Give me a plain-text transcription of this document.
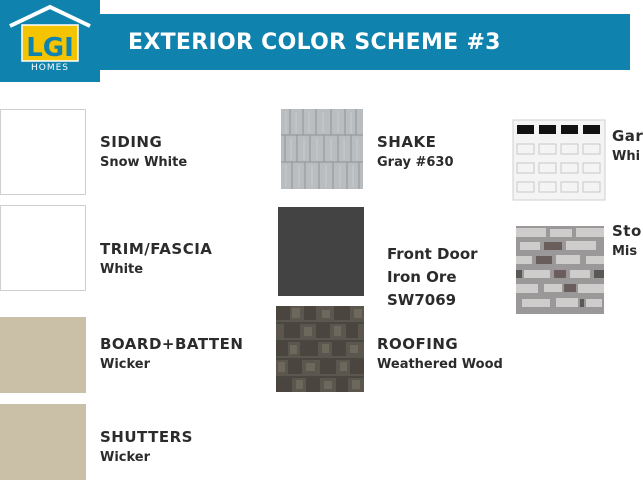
LGI
HOMES
EXTERIOR COLOR SCHEME #3
SIDING
Snow White
TRIM/FASCIA
White
BOARD+BATTEN
Wicker
SHUTTERS
Wicker
SHAKE
Gray #630
Front Door
Iron Ore
SW7069
ROOFING
Weathered Wood
Gar
Whi
Sto
Mis
